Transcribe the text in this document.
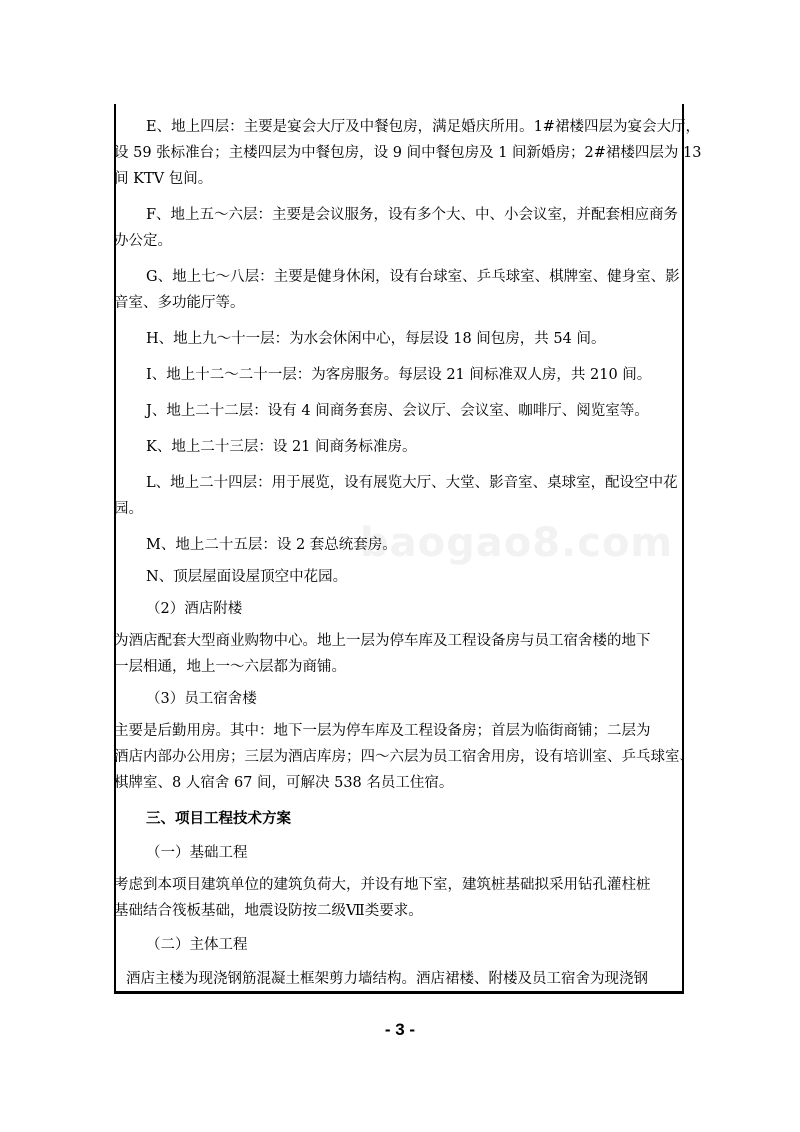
baogao8.com
E、地上四层：主要是宴会大厅及中餐包房，满足婚庆所用。1#裙楼四层为宴会大厅，
设 59 张标准台；主楼四层为中餐包房，设 9 间中餐包房及 1 间新婚房；2#裙楼四层为 13
间 KTV 包间。
F、地上五～六层：主要是会议服务，设有多个大、中、小会议室，并配套相应商务
办公定。
G、地上七～八层：主要是健身休闲，设有台球室、乒乓球室、棋牌室、健身室、影
音室、多功能厅等。
H、地上九～十一层：为水会休闲中心，每层设 18 间包房，共 54 间。
I、地上十二～二十一层：为客房服务。每层设 21 间标准双人房，共 210 间。
J、地上二十二层：设有 4 间商务套房、会议厅、会议室、咖啡厅、阅览室等。
K、地上二十三层：设 21 间商务标准房。
L、地上二十四层：用于展览，设有展览大厅、大堂、影音室、桌球室，配设空中花
园。
M、地上二十五层：设 2 套总统套房。
N、顶层屋面设屋顶空中花园。
（2）酒店附楼
为酒店配套大型商业购物中心。地上一层为停车库及工程设备房与员工宿舍楼的地下
一层相通，地上一～六层都为商铺。
（3）员工宿舍楼
主要是后勤用房。其中：地下一层为停车库及工程设备房；首层为临街商铺；二层为
酒店内部办公用房；三层为酒店库房；四～六层为员工宿舍用房，设有培训室、乒乓球室、
棋牌室、8 人宿舍 67 间，可解决 538 名员工住宿。
三、项目工程技术方案
（一）基础工程
考虑到本项目建筑单位的建筑负荷大，并设有地下室，建筑桩基础拟采用钻孔灌柱桩
基础结合筏板基础，地震设防按二级Ⅶ类要求。
（二）主体工程
酒店主楼为现浇钢筋混凝土框架剪力墙结构。酒店裙楼、附楼及员工宿舍为现浇钢
- 3 -
